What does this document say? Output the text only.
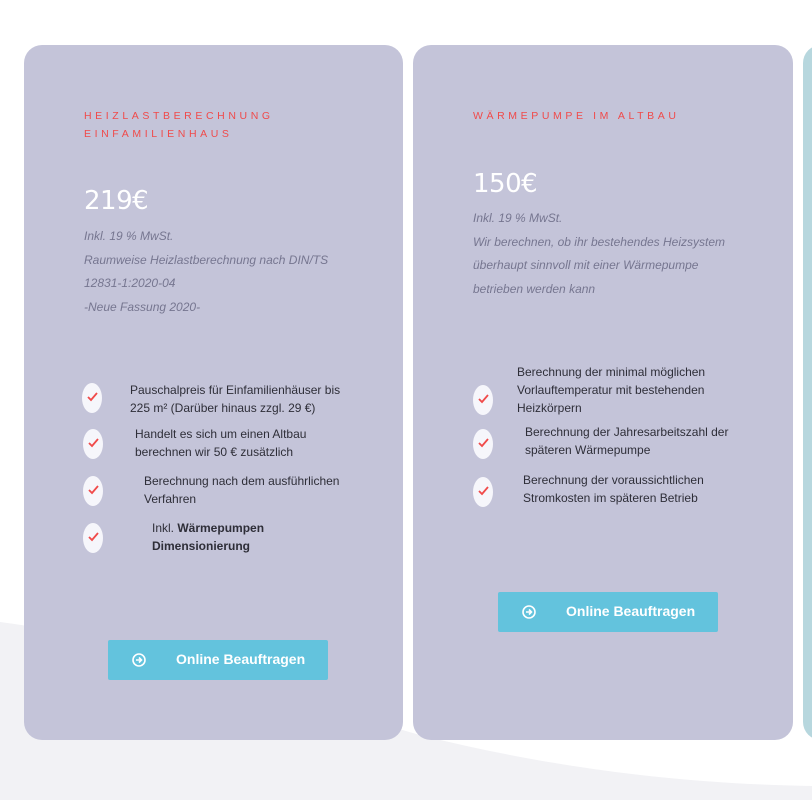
HEIZLASTBERECHNUNG
EINFAMILIENHAUS

219€
Inkl. 19 % MwSt.
Raumweise Heizlastberechnung nach DIN/TS
12831-1:2020-04
-Neue Fassung 2020-
Pauschalpreis für Einfamilienhäuser bis
225 m² (Darüber hinaus zzgl. 29 €)
Handelt es sich um einen Altbau
berechnen wir 50 € zusätzlich
Berechnung nach dem ausführlichen
Verfahren
Inkl. Wärmepumpen
Dimensionierung
Online Beauftragen

WÄRMEPUMPE IM ALTBAU

150€
Inkl. 19 % MwSt.
Wir berechnen, ob ihr bestehendes Heizsystem
überhaupt sinnvoll mit einer Wärmepumpe
betrieben werden kann
Berechnung der minimal möglichen
Vorlauftemperatur mit bestehenden
Heizkörpern
Berechnung der Jahresarbeitszahl der
späteren Wärmepumpe
Berechnung der voraussichtlichen
Stromkosten im späteren Betrieb
Online Beauftragen
